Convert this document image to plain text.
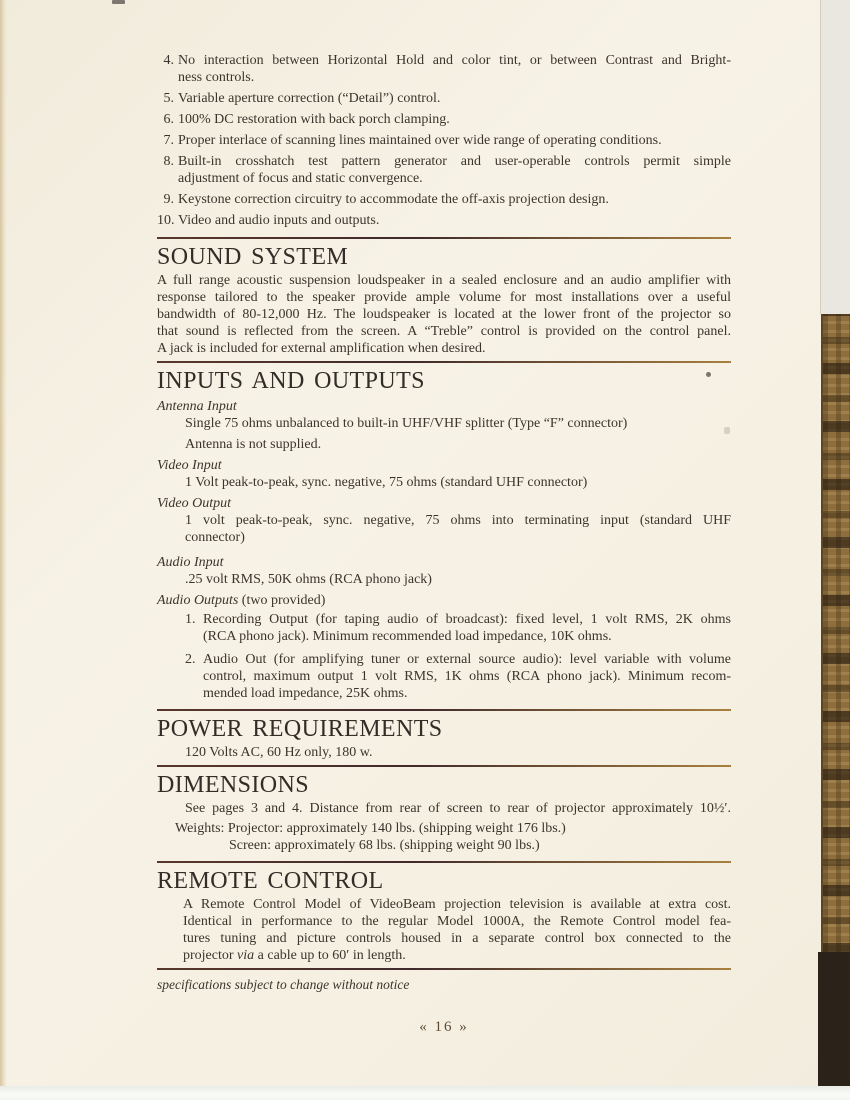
4. No interaction between Horizontal Hold and color tint, or between Contrast and Bright-
ness controls.
5. Variable aperture correction (“Detail”) control.
6. 100% DC restoration with back porch clamping.
7. Proper interlace of scanning lines maintained over wide range of operating conditions.
8. Built-in crosshatch test pattern generator and user-operable controls permit simple
adjustment of focus and static convergence.
9. Keystone correction circuitry to accommodate the off-axis projection design.
10. Video and audio inputs and outputs.
SOUND SYSTEM
A full range acoustic suspension loudspeaker in a sealed enclosure and an audio amplifier with
response tailored to the speaker provide ample volume for most installations over a useful
bandwidth of 80-12,000 Hz. The loudspeaker is located at the lower front of the projector so
that sound is reflected from the screen. A “Treble” control is provided on the control panel.
A jack is included for external amplification when desired.
INPUTS AND OUTPUTS
Antenna Input
Single 75 ohms unbalanced to built-in UHF/VHF splitter (Type “F” connector)
Antenna is not supplied.
Video Input
1 Volt peak-to-peak, sync. negative, 75 ohms (standard UHF connector)
Video Output
1 volt peak-to-peak, sync. negative, 75 ohms into terminating input (standard UHF
connector)
Audio Input
.25 volt RMS, 50K ohms (RCA phono jack)
Audio Outputs (two provided)
1. Recording Output (for taping audio of broadcast): fixed level, 1 volt RMS, 2K ohms
(RCA phono jack). Minimum recommended load impedance, 10K ohms.
2. Audio Out (for amplifying tuner or external source audio): level variable with volume
control, maximum output 1 volt RMS, 1K ohms (RCA phono jack). Minimum recom-
mended load impedance, 25K ohms.
POWER REQUIREMENTS
120 Volts AC, 60 Hz only, 180 w.
DIMENSIONS
See pages 3 and 4. Distance from rear of screen to rear of projector approximately 10½′.
Weights: Projector: approximately 140 lbs. (shipping weight 176 lbs.)
Screen: approximately 68 lbs. (shipping weight 90 lbs.)
REMOTE CONTROL
A Remote Control Model of VideoBeam projection television is available at extra cost.
Identical in performance to the regular Model 1000A, the Remote Control model fea-
tures tuning and picture controls housed in a separate control box connected to the
projector via a cable up to 60′ in length.
specifications subject to change without notice
« 16 »
